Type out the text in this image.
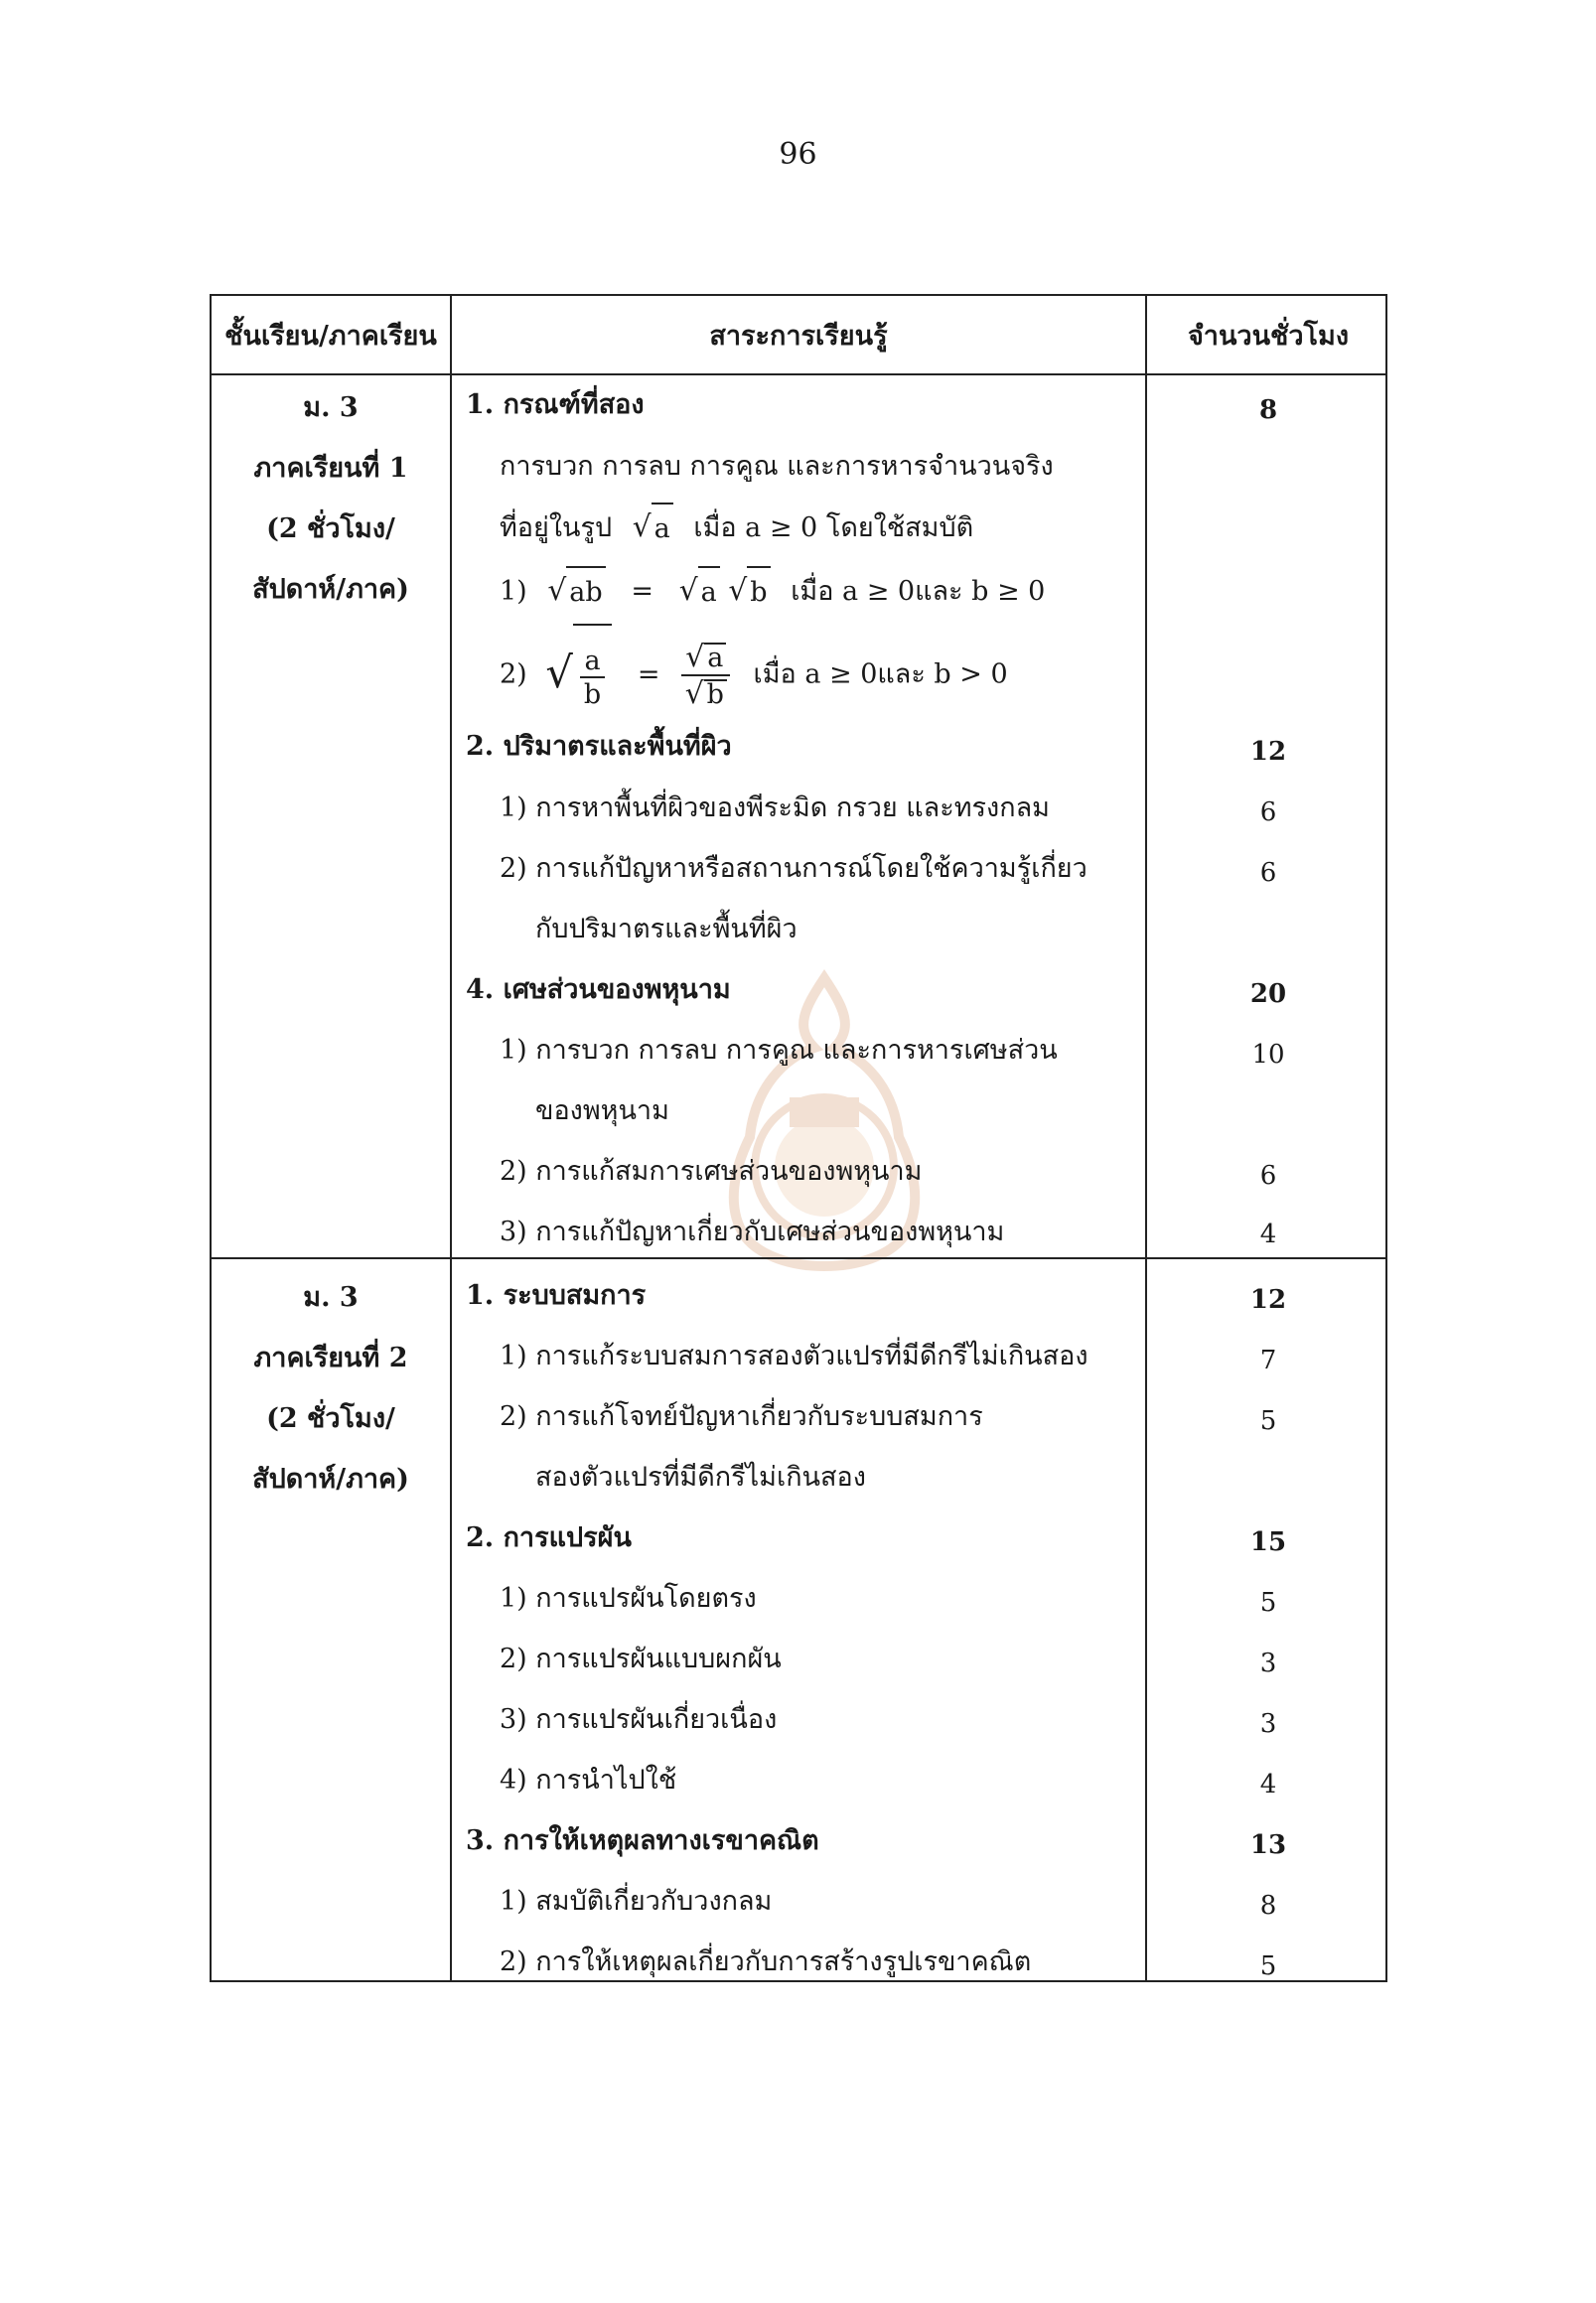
96
ชั้นเรียน/ภาคเรียน	สาระการเรียนรู้	จำนวนชั่วโมง
ม. 3
ภาคเรียนที่ 1
(2 ชั่วโมง/
สัปดาห์/ภาค)
1. กรณฑ์ที่สอง	8
การบวก การลบ การคูณ และการหารจำนวนจริง
ที่อยู่ในรูป √ a เมื่อ a ≥ 0 โดยใช้สมบัติ
1) √ ab = √ a
√ b เมื่อ a ≥ 0และ b ≥ 0
2) √ $\frac{a}{b} = \frac{√ a}{√ b}$ เมื่อ a ≥ 0และ b > 0
2. ปริมาตรและพื้นที่ผิว	12
1) การหาพื้นที่ผิวของพีระมิด กรวย และทรงกลม	6
2) การแก้ปัญหาหรือสถานการณ์โดยใช้ความรู้เกี่ยว	6
กับปริมาตรและพื้นที่ผิว
4. เศษส่วนของพหุนาม	20
1) การบวก การลบ การคูณ และการหารเศษส่วน	10
ของพหุนาม
2) การแก้สมการเศษส่วนของพหุนาม	6
3) การแก้ปัญหาเกี่ยวกับเศษส่วนของพหุนาม	4
ม. 3
ภาคเรียนที่ 2
(2 ชั่วโมง/
สัปดาห์/ภาค)
1. ระบบสมการ	12
1) การแก้ระบบสมการสองตัวแปรที่มีดีกรีไม่เกินสอง	7
2) การแก้โจทย์ปัญหาเกี่ยวกับระบบสมการ	5
สองตัวแปรที่มีดีกรีไม่เกินสอง
2. การแปรผัน	15
1) การแปรผันโดยตรง	5
2) การแปรผันแบบผกผัน	3
3) การแปรผันเกี่ยวเนื่อง	3
4) การนำไปใช้	4
3. การให้เหตุผลทางเรขาคณิต	13
1) สมบัติเกี่ยวกับวงกลม	8
2) การให้เหตุผลเกี่ยวกับการสร้างรูปเรขาคณิต	5
